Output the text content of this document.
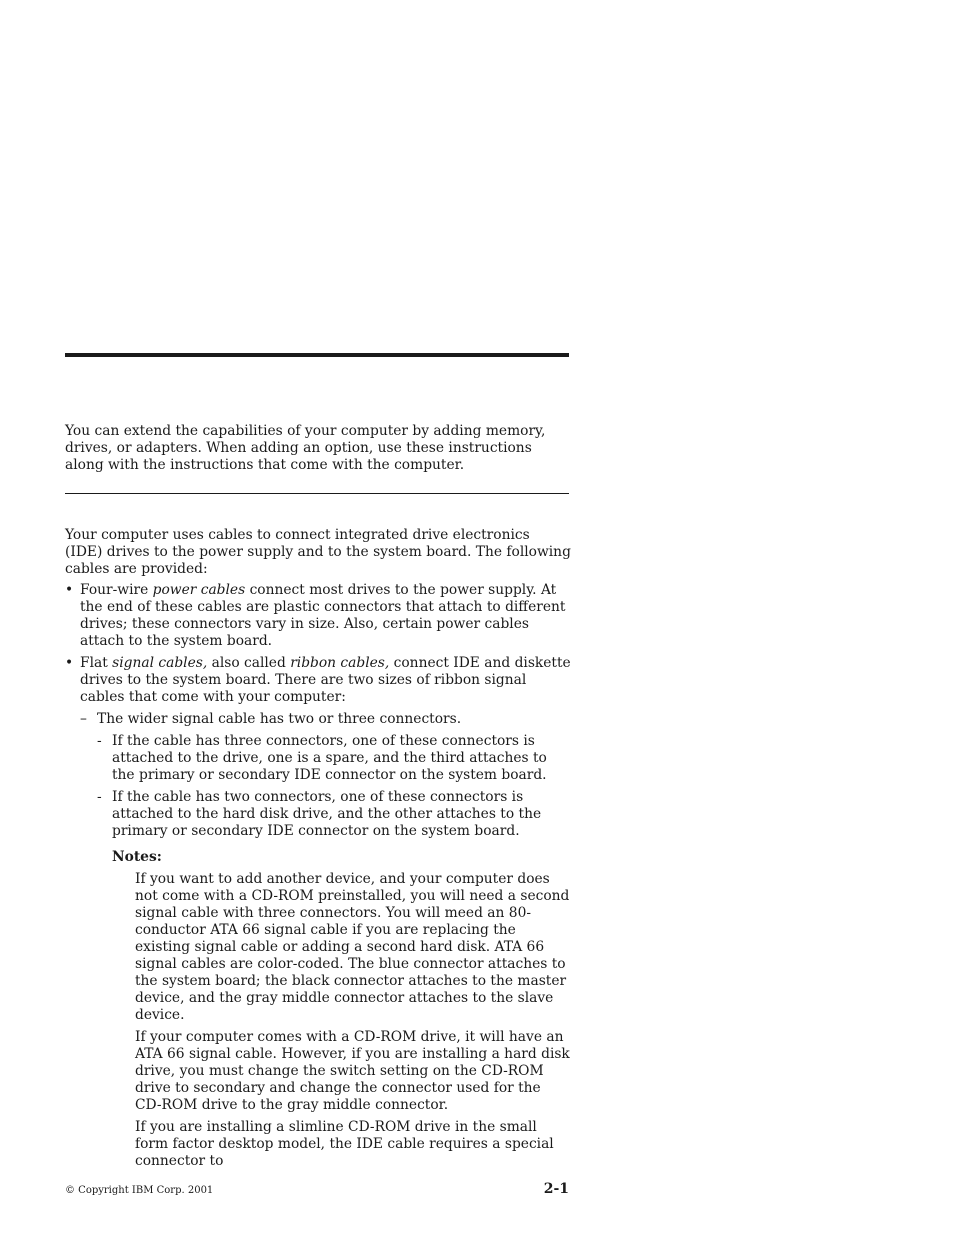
You can extend the capabilities of your computer by adding memory, drives, or adapters. When adding an option, use these instructions along with the instructions that come with the computer.

Your computer uses cables to connect integrated drive electronics (IDE) drives to the power supply and to the system board. The following cables are provided:

• Four-wire power cables connect most drives to the power supply. At the end of these cables are plastic connectors that attach to different drives; these connectors vary in size. Also, certain power cables attach to the system board.
• Flat signal cables, also called ribbon cables, connect IDE and diskette drives to the system board. There are two sizes of ribbon signal cables that come with your computer:
– The wider signal cable has two or three connectors.
- If the cable has three connectors, one of these connectors is attached to the drive, one is a spare, and the third attaches to the primary or secondary IDE connector on the system board.
- If the cable has two connectors, one of these connectors is attached to the hard disk drive, and the other attaches to the primary or secondary IDE connector on the system board.

Notes:

If you want to add another device, and your computer does not come with a CD-ROM preinstalled, you will need a second signal cable with three connectors. You will meed an 80-conductor ATA 66 signal cable if you are replacing the existing signal cable or adding a second hard disk. ATA 66 signal cables are color-coded. The blue connector attaches to the system board; the black connector attaches to the master device, and the gray middle connector attaches to the slave device.

If your computer comes with a CD-ROM drive, it will have an ATA 66 signal cable. However, if you are installing a hard disk drive, you must change the switch setting on the CD-ROM drive to secondary and change the connector used for the CD-ROM drive to the gray middle connector.

If you are installing a slimline CD-ROM drive in the small form factor desktop model, the IDE cable requires a special connector to

© Copyright IBM Corp. 2001	2-1
